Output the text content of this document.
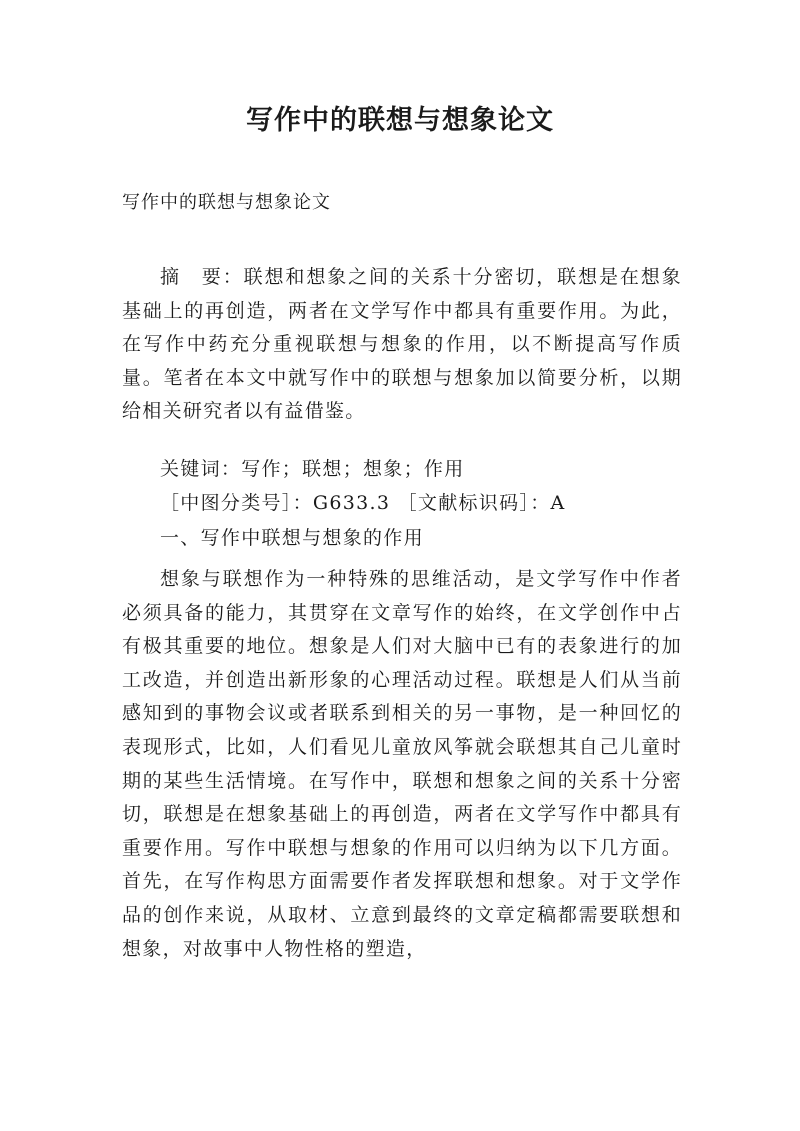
写作中的联想与想象论文

写作中的联想与想象论文

摘　要：联想和想象之间的关系十分密切，联想是在想象基础上的再创造，两者在文学写作中都具有重要作用。为此，在写作中药充分重视联想与想象的作用，以不断提高写作质量。笔者在本文中就写作中的联想与想象加以简要分析，以期给相关研究者以有益借鉴。

关键词：写作；联想；想象；作用

［中图分类号］：G633.3 ［文献标识码］：A

一、写作中联想与想象的作用

想象与联想作为一种特殊的思维活动，是文学写作中作者必须具备的能力，其贯穿在文章写作的始终，在文学创作中占有极其重要的地位。想象是人们对大脑中已有的表象进行的加工改造，并创造出新形象的心理活动过程。联想是人们从当前感知到的事物会议或者联系到相关的另一事物，是一种回忆的表现形式，比如，人们看见儿童放风筝就会联想其自己儿童时期的某些生活情境。在写作中，联想和想象之间的关系十分密切，联想是在想象基础上的再创造，两者在文学写作中都具有重要作用。写作中联想与想象的作用可以归纳为以下几方面。首先，在写作构思方面需要作者发挥联想和想象。对于文学作品的创作来说，从取材、立意到最终的文章定稿都需要联想和想象，对故事中人物性格的塑造，
